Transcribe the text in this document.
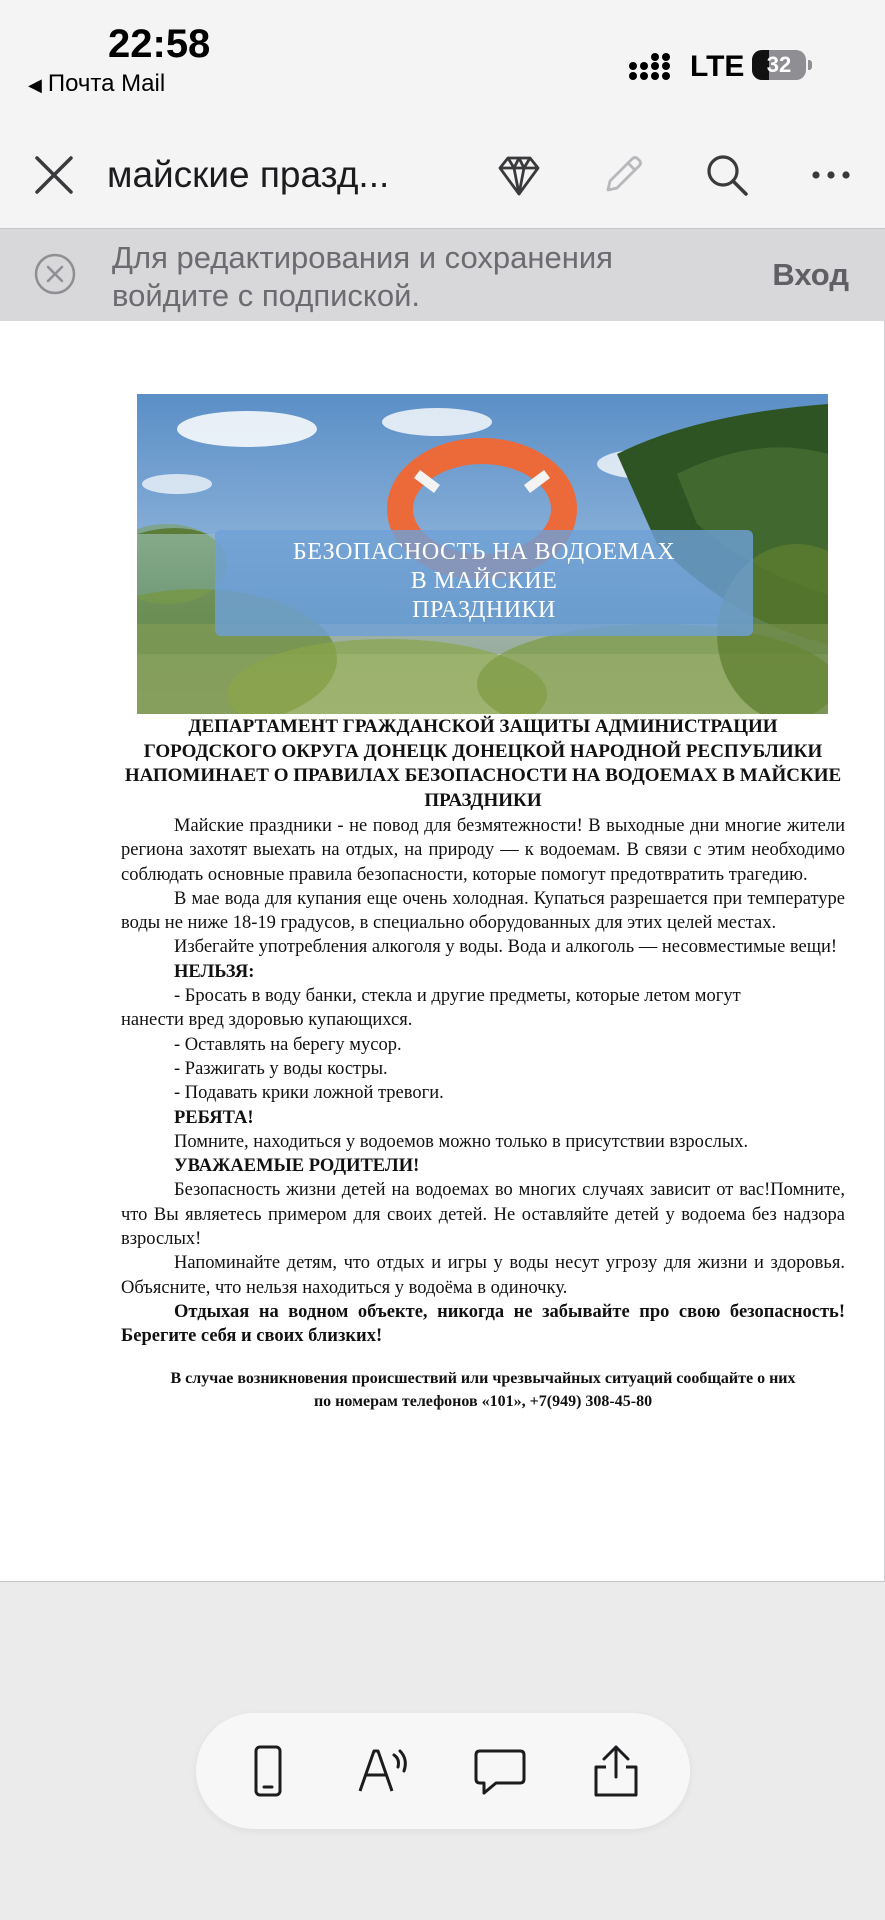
22:58
◀ Почта Mail
LTE	32
майские празд...
Для редактирования и сохранения
войдите с подпиской.
Вход
БЕЗОПАСНОСТЬ НА ВОДОЕМАХ
В МАЙСКИЕ
ПРАЗДНИКИ
ДЕПАРТАМЕНТ ГРАЖДАНСКОЙ ЗАЩИТЫ АДМИНИСТРАЦИИ ГОРОДСКОГО ОКРУГА ДОНЕЦК ДОНЕЦКОЙ НАРОДНОЙ РЕСПУБЛИКИ НАПОМИНАЕТ О ПРАВИЛАХ БЕЗОПАСНОСТИ НА ВОДОЕМАХ В МАЙСКИЕ ПРАЗДНИКИ

Майские праздники - не повод для безмятежности! В выходные дни многие жители региона захотят выехать на отдых, на природу — к водоемам. В связи с этим необходимо соблюдать основные правила безопасности, которые помогут предотвратить трагедию.

В мае вода для купания еще очень холодная. Купаться разрешается при температуре воды не ниже 18-19 градусов, в специально оборудованных для этих целей местах.

Избегайте употребления алкоголя у воды. Вода и алкоголь — несовместимые вещи!

НЕЛЬЗЯ:

- Бросать в воду банки, стекла и другие предметы, которые летом могут

нанести вред здоровью купающихся.

- Оставлять на берегу мусор.

- Разжигать у воды костры.

- Подавать крики ложной тревоги.

РЕБЯТА!

Помните, находиться у водоемов можно только в присутствии взрослых.

УВАЖАЕМЫЕ РОДИТЕЛИ!

Безопасность жизни детей на водоемах во многих случаях зависит от вас!Помните, что Вы являетесь примером для своих детей. Не оставляйте детей у водоема без надзора взрослых!

Напоминайте детям, что отдых и игры у воды несут угрозу для жизни и здоровья. Объясните, что нельзя находиться у водоёма в одиночку.

Отдыхая на водном объекте, никогда не забывайте про свою безопасность! Берегите себя и своих близких!

В случае возникновения происшествий или чрезвычайных ситуаций сообщайте о них
по номерам телефонов «101», +7(949) 308-45-80
